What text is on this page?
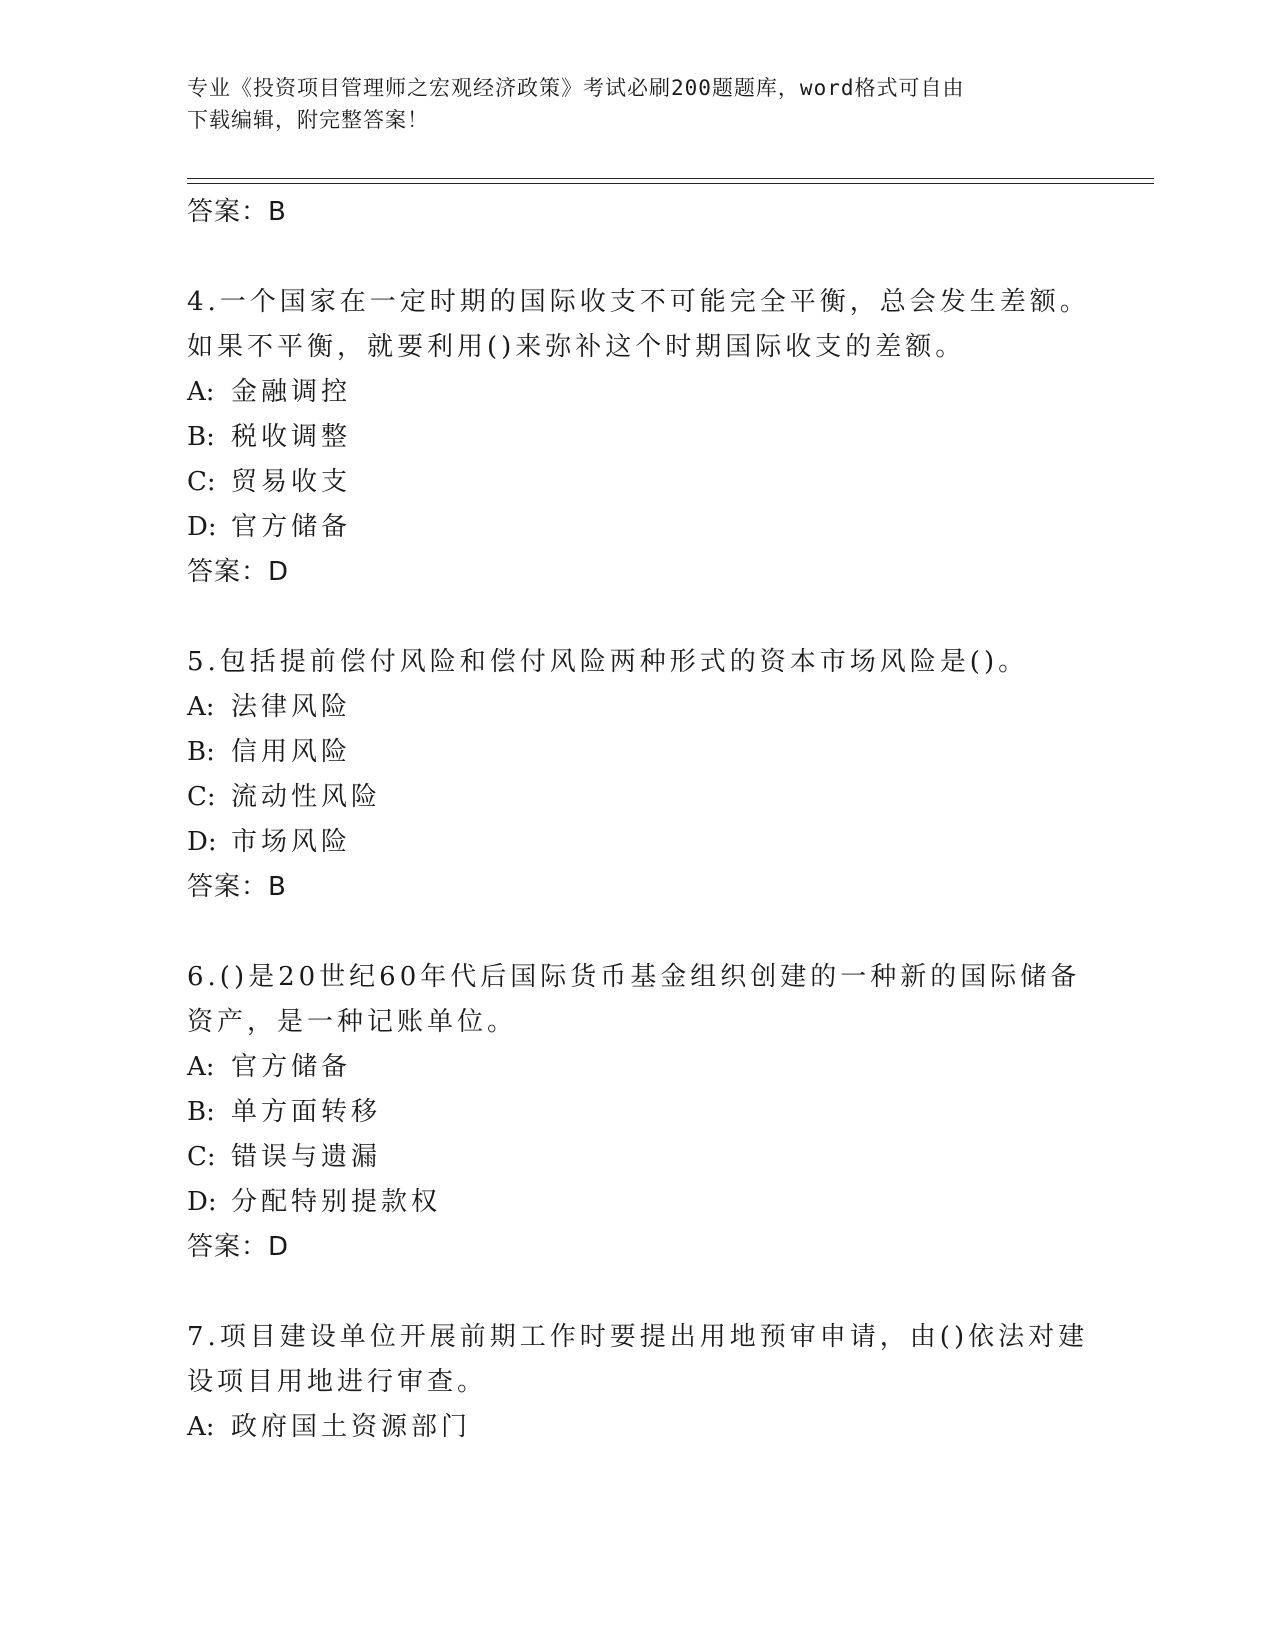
专业《投资项目管理师之宏观经济政策》考试必刷200题题库，word格式可自由
下载编辑，附完整答案！
答案：B
4.一个国家在一定时期的国际收支不可能完全平衡，总会发生差额。
如果不平衡，就要利用()来弥补这个时期国际收支的差额。
A: 金融调控
B: 税收调整
C: 贸易收支
D: 官方储备
答案：D
5.包括提前偿付风险和偿付风险两种形式的资本市场风险是()。
A: 法律风险
B: 信用风险
C: 流动性风险
D: 市场风险
答案：B
6.()是20世纪60年代后国际货币基金组织创建的一种新的国际储备
资产，是一种记账单位。
A: 官方储备
B: 单方面转移
C: 错误与遗漏
D: 分配特别提款权
答案：D
7.项目建设单位开展前期工作时要提出用地预审申请，由()依法对建
设项目用地进行审查。
A: 政府国土资源部门
